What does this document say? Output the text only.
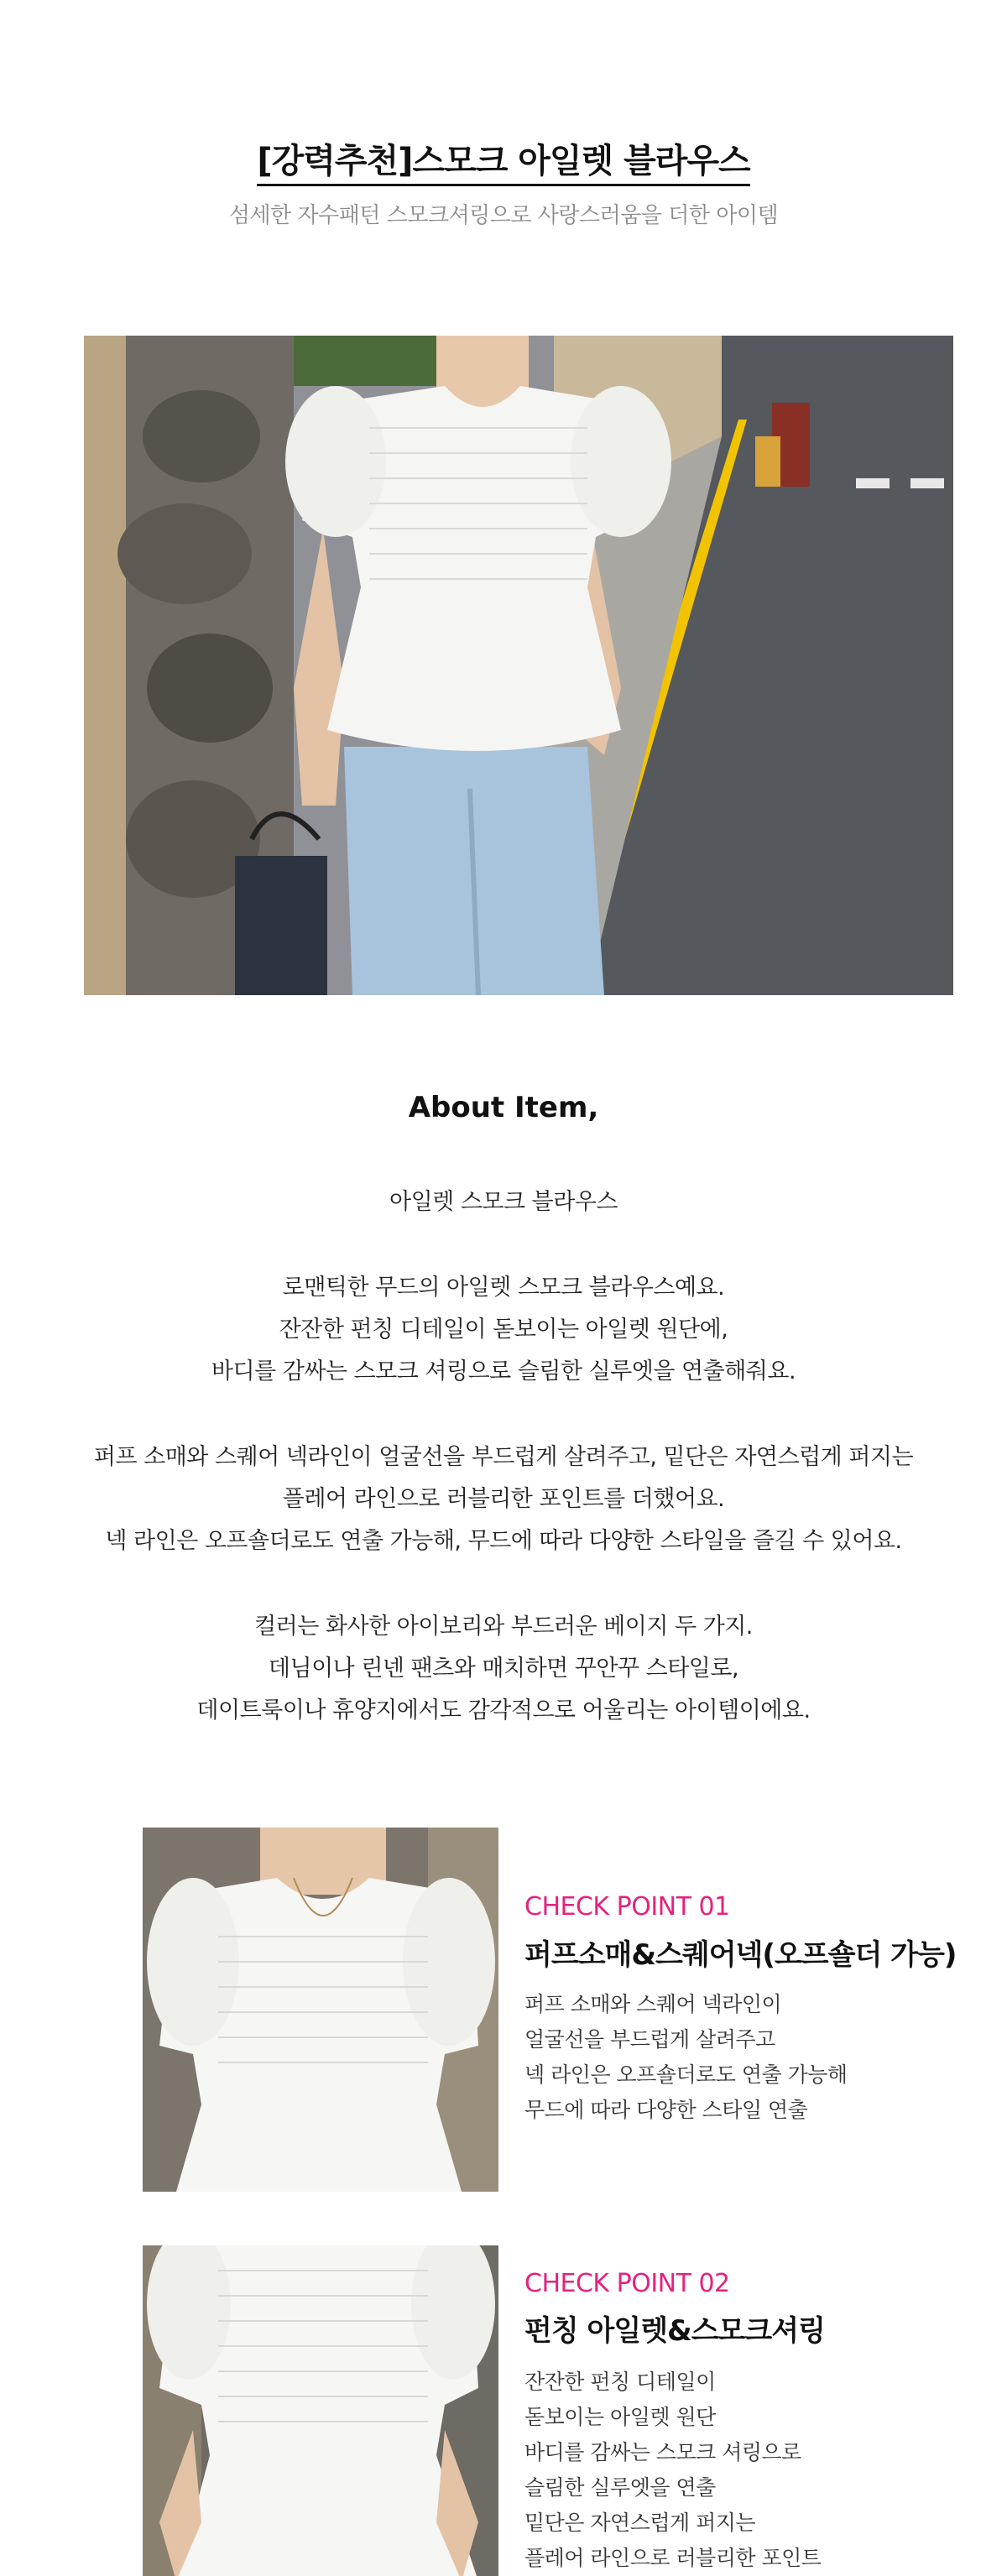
[강력추천]스모크 아일렛 블라우스
섬세한 자수패턴 스모크셔링으로 사랑스러움을 더한 아이템
About Item,
아일렛 스모크 블라우스
로맨틱한 무드의 아일렛 스모크 블라우스예요.
잔잔한 펀칭 디테일이 돋보이는 아일렛 원단에,
바디를 감싸는 스모크 셔링으로 슬림한 실루엣을 연출해줘요.
퍼프 소매와 스퀘어 넥라인이 얼굴선을 부드럽게 살려주고, 밑단은 자연스럽게 퍼지는
플레어 라인으로 러블리한 포인트를 더했어요.
넥 라인은 오프숄더로도 연출 가능해, 무드에 따라 다양한 스타일을 즐길 수 있어요.
컬러는 화사한 아이보리와 부드러운 베이지 두 가지.
데님이나 린넨 팬츠와 매치하면 꾸안꾸 스타일로,
데이트룩이나 휴양지에서도 감각적으로 어울리는 아이템이에요.
CHECK POINT 01
퍼프소매&스퀘어넥(오프숄더 가능)
퍼프 소매와 스퀘어 넥라인이
얼굴선을 부드럽게 살려주고
넥 라인은 오프숄더로도 연출 가능해
무드에 따라 다양한 스타일 연출
CHECK POINT 02
펀칭 아일렛&스모크셔링
잔잔한 펀칭 디테일이
돋보이는 아일렛 원단
바디를 감싸는 스모크 셔링으로
슬림한 실루엣을 연출
밑단은 자연스럽게 퍼지는
플레어 라인으로 러블리한 포인트
